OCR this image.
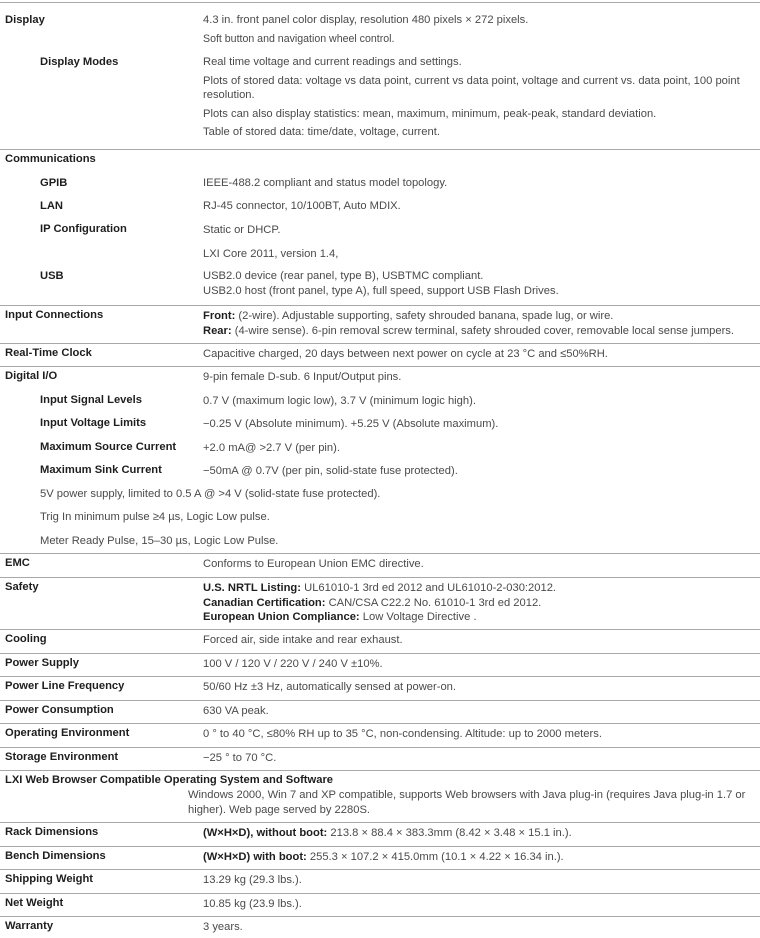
Display	4.3 in. front panel color display, resolution 480 pixels × 272 pixels.
Soft button and navigation wheel control.
Display Modes	Real time voltage and current readings and settings.
Plots of stored data: voltage vs data point, current vs data point, voltage and current vs. data point, 100 point resolution.
Plots can also display statistics: mean, maximum, minimum, peak-peak, standard deviation.
Table of stored data: time/date, voltage, current.
Communications
GPIB	IEEE-488.2 compliant and status model topology.
LAN	RJ-45 connector, 10/100BT, Auto MDIX.
IP Configuration	Static or DHCP.
LXI Core 2011, version 1.4,
USB	USB2.0 device (rear panel, type B), USBTMC compliant.
USB2.0 host (front panel, type A), full speed, support USB Flash Drives.
Input Connections	Front: (2-wire). Adjustable supporting, safety shrouded banana, spade lug, or wire.
Rear: (4-wire sense). 6-pin removal screw terminal, safety shrouded cover, removable local sense jumpers.
Real-Time Clock	Capacitive charged, 20 days between next power on cycle at 23 °C and ≤50%RH.
Digital I/O	9-pin female D-sub. 6 Input/Output pins.
Input Signal Levels	0.7 V (maximum logic low), 3.7 V (minimum logic high).
Input Voltage Limits	−0.25 V (Absolute minimum). +5.25 V (Absolute maximum).
Maximum Source Current +2.0 mA@ >2.7 V (per pin).
Maximum Sink Current	−50mA @ 0.7V (per pin, solid-state fuse protected).
5V power supply, limited to 0.5 A @ >4 V (solid-state fuse protected).
Trig In minimum pulse ≥4 µs, Logic Low pulse.
Meter Ready Pulse, 15–30 µs, Logic Low Pulse.
EMC	Conforms to European Union EMC directive.
Safety	U.S. NRTL Listing: UL61010-1 3rd ed 2012 and UL61010-2-030:2012.
Canadian Certification: CAN/CSA C22.2 No. 61010-1 3rd ed 2012.
European Union Compliance: Low Voltage Directive .
Cooling	Forced air, side intake and rear exhaust.
Power Supply	100 V / 120 V / 220 V / 240 V ±10%.
Power Line Frequency	50/60 Hz ±3 Hz, automatically sensed at power-on.
Power Consumption	630 VA peak.
Operating Environment	0 ° to 40 °C, ≤80% RH up to 35 °C, non-condensing. Altitude: up to 2000 meters.
Storage Environment	−25 ° to 70 °C.
LXI Web Browser Compatible Operating System and Software
Windows 2000, Win 7 and XP compatible, supports Web browsers with Java plug-in (requires Java plug-in 1.7 or higher). Web page served by 2280S.
Rack Dimensions	(W×H×D), without boot: 213.8 × 88.4 × 383.3mm (8.42 × 3.48 × 15.1 in.).
Bench Dimensions	(W×H×D) with boot: 255.3 × 107.2 × 415.0mm (10.1 × 4.22 × 16.34 in.).
Shipping Weight	13.29 kg (29.3 lbs.).
Net Weight	10.85 kg (23.9 lbs.).
Warranty	3 years.
